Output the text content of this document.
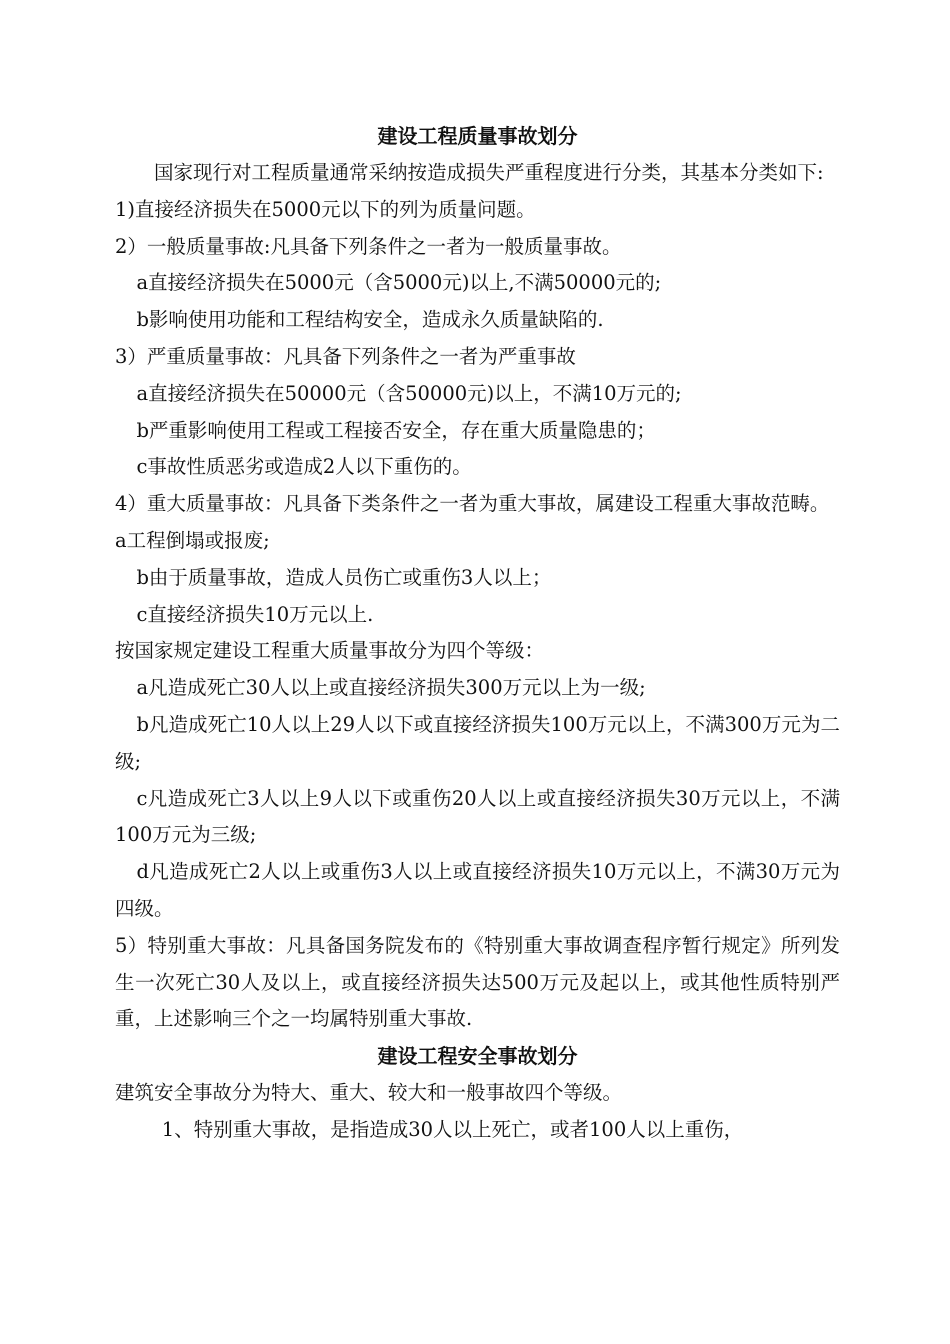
建设工程质量事故划分

国家现行对工程质量通常采纳按造成损失严重程度进行分类，其基本分类如下:

1)直接经济损失在5000元以下的列为质量问题。

2）一般质量事故:凡具备下列条件之一者为一般质量事故。

a直接经济损失在5000元（含5000元)以上,不满50000元的;

b影响使用功能和工程结构安全，造成永久质量缺陷的.

3）严重质量事故：凡具备下列条件之一者为严重事故

a直接经济损失在50000元（含50000元)以上，不满10万元的;

b严重影响使用工程或工程接否安全，存在重大质量隐患的；

c事故性质恶劣或造成2人以下重伤的。

4）重大质量事故：凡具备下类条件之一者为重大事故，属建设工程重大事故范畴。

a工程倒塌或报废;

b由于质量事故，造成人员伤亡或重伤3人以上；

c直接经济损失10万元以上.

按国家规定建设工程重大质量事故分为四个等级：

a凡造成死亡30人以上或直接经济损失300万元以上为一级;

b凡造成死亡10人以上29人以下或直接经济损失100万元以上，不满300万元为二级;

c凡造成死亡3人以上9人以下或重伤20人以上或直接经济损失30万元以上，不满100万元为三级;

d凡造成死亡2人以上或重伤3人以上或直接经济损失10万元以上，不满30万元为四级。

5）特别重大事故：凡具备国务院发布的《特别重大事故调查程序暂行规定》所列发生一次死亡30人及以上，或直接经济损失达500万元及起以上，或其他性质特别严重，上述影响三个之一均属特别重大事故.

建设工程安全事故划分

建筑安全事故分为特大、重大、较大和一般事故四个等级。

1、特别重大事故，是指造成30人以上死亡，或者100人以上重伤，
